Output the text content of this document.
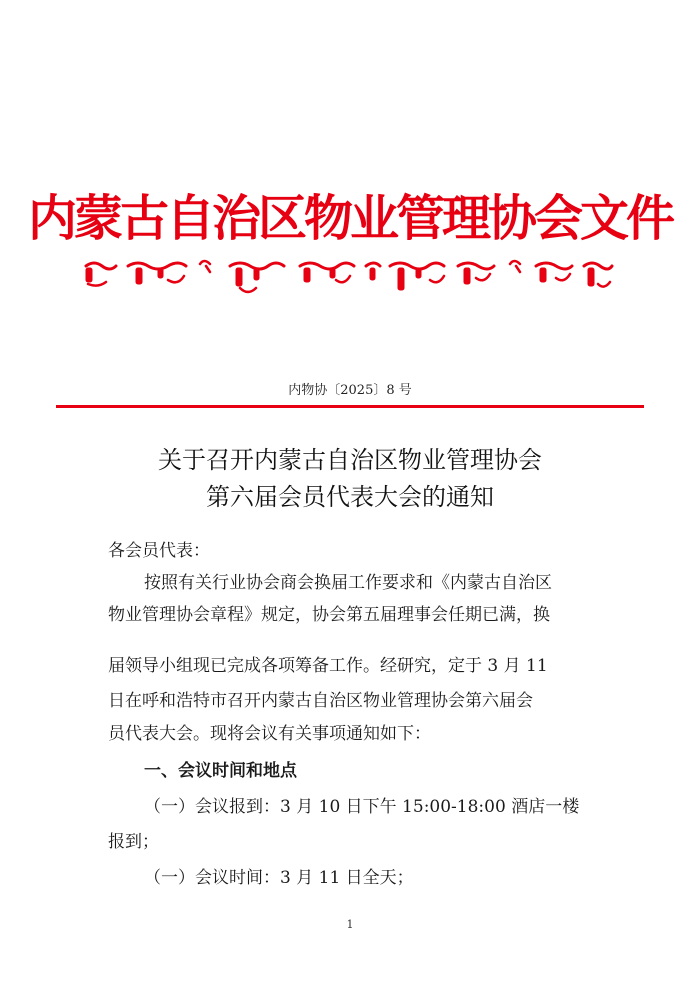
内蒙古自治区物业管理协会文件
内物协〔2025〕8 号
关于召开内蒙古自治区物业管理协会
第六届会员代表大会的通知
各会员代表：
按照有关行业协会商会换届工作要求和《内蒙古自治区
物业管理协会章程》规定，协会第五届理事会任期已满，换
届领导小组现已完成各项筹备工作。经研究，定于 3 月 11
日在呼和浩特市召开内蒙古自治区物业管理协会第六届会
员代表大会。现将会议有关事项通知如下：
一、会议时间和地点
（一）会议报到：3 月 10 日下午 15:00-18:00 酒店一楼
报到；
（一）会议时间：3 月 11 日全天；
1
